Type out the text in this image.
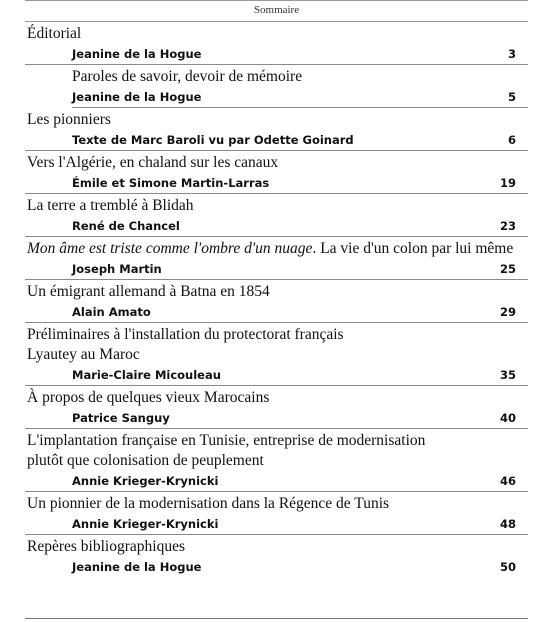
Sommaire
Éditorial
Jeanine de la Hogue	3
Paroles de savoir, devoir de mémoire
Jeanine de la Hogue	5
Les pionniers
Texte de Marc Baroli vu par Odette Goinard	6
Vers l'Algérie, en chaland sur les canaux
Émile et Simone Martin-Larras	19
La terre a tremblé à Blidah
René de Chancel	23
Mon âme est triste comme l'ombre d'un nuage. La vie d'un colon par lui même
Joseph Martin	25
Un émigrant allemand à Batna en 1854
Alain Amato	29
Préliminaires à l'installation du protectorat français
Lyautey au Maroc
Marie-Claire Micouleau	35
À propos de quelques vieux Marocains
Patrice Sanguy	40
L'implantation française en Tunisie, entreprise de modernisation
plutôt que colonisation de peuplement
Annie Krieger-Krynicki	46
Un pionnier de la modernisation dans la Régence de Tunis
Annie Krieger-Krynicki	48
Repères bibliographiques
Jeanine de la Hogue	50
